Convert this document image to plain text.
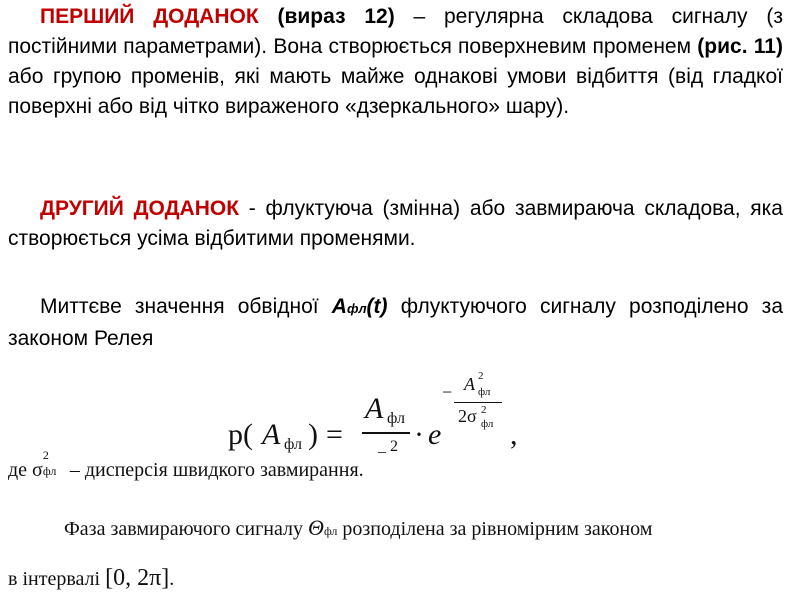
ПЕРШИЙ ДОДАНОК (вираз 12) – регулярна складова сигналу (з постійними параметрами). Вона створюється поверхневим променем (рис. 11) або групою променів, які мають майже однакові умови відбиття (від гладкої поверхні або від чітко вираженого «дзеркального» шару).

ДРУГИЙ ДОДАНОК - флуктуюча (змінна) або завмираюча складова, яка створюється усіма відбитими променями.

Миттєве значення обвідної Афл(t) флуктуючого сигналу розподілено за законом Релея

p( A фл ) =
A фл
_ 2 · e
− A фл
2
2σ фл
2
,
де σ
2
фл – дисперсія швидкого завмирання.
Фаза завмираючого сигналу Θфл розподілена за рівномірним законом
в інтервалі [0, 2π].
